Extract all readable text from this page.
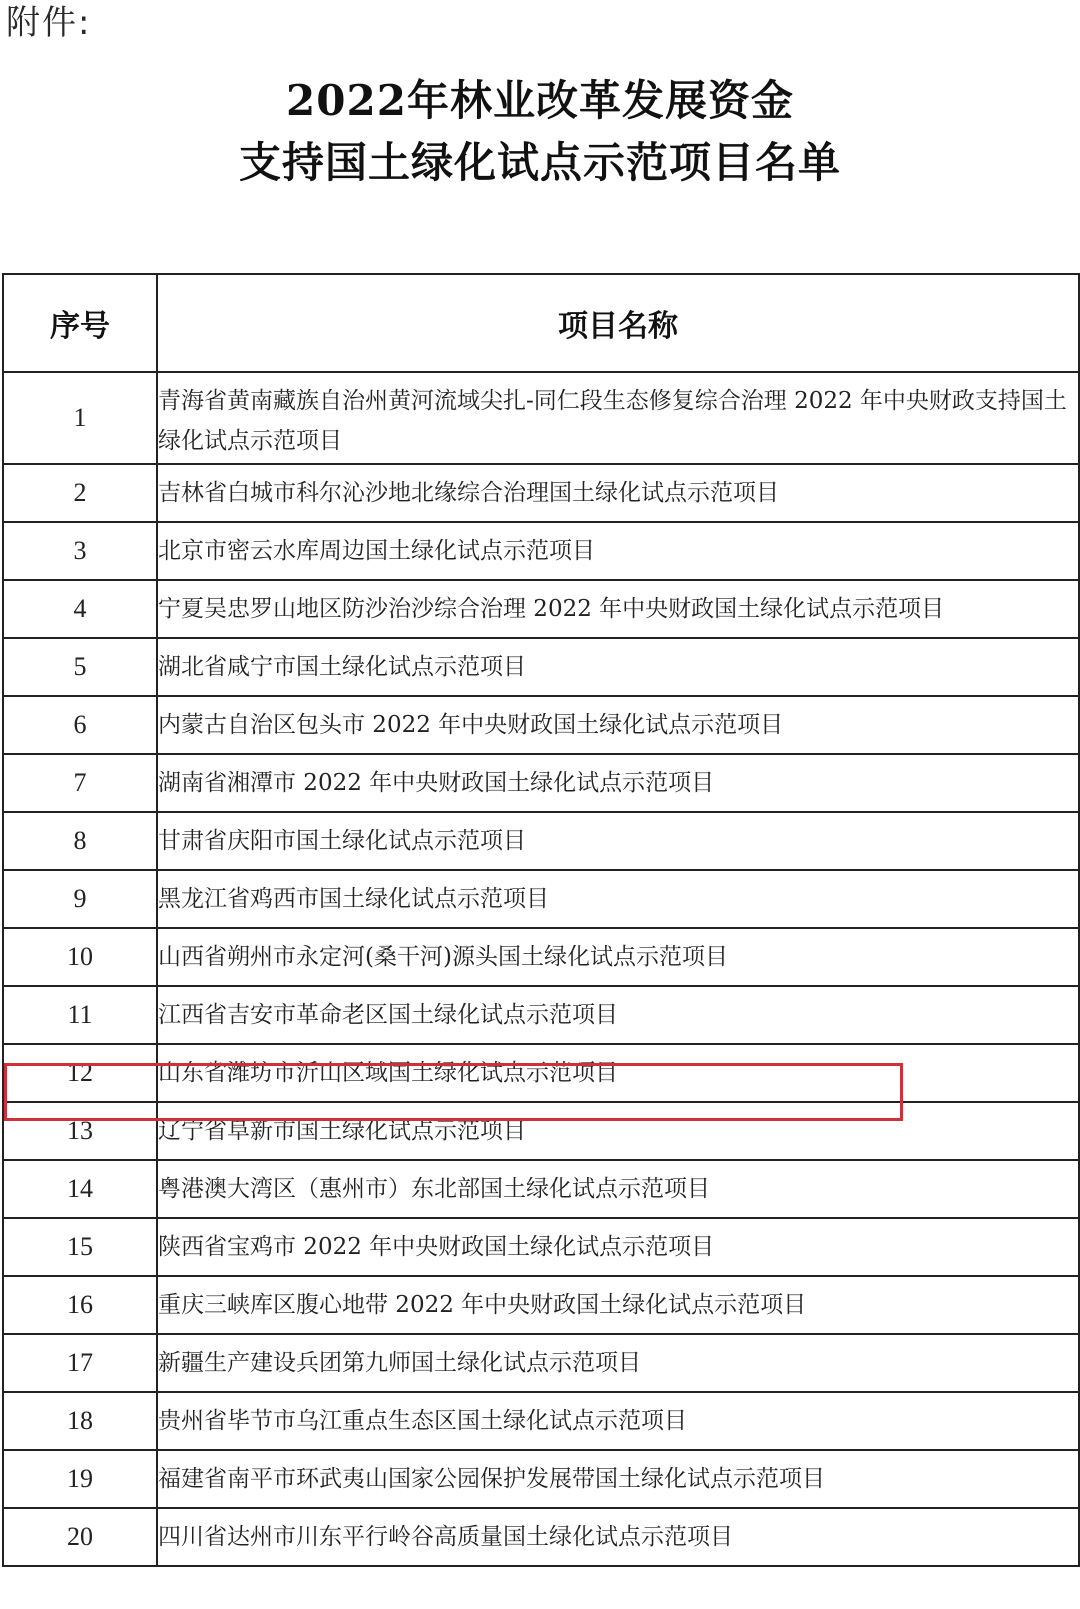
附件:
2022年林业改革发展资金
支持国土绿化试点示范项目名单
序号	项目名称
1	青海省黄南藏族自治州黄河流域尖扎-同仁段生态修复综合治理 2022 年中央财政支持国土绿化试点示范项目
2	吉林省白城市科尔沁沙地北缘综合治理国土绿化试点示范项目
3	北京市密云水库周边国土绿化试点示范项目
4	宁夏吴忠罗山地区防沙治沙综合治理 2022 年中央财政国土绿化试点示范项目
5	湖北省咸宁市国土绿化试点示范项目
6	内蒙古自治区包头市 2022 年中央财政国土绿化试点示范项目
7	湖南省湘潭市 2022 年中央财政国土绿化试点示范项目
8	甘肃省庆阳市国土绿化试点示范项目
9	黑龙江省鸡西市国土绿化试点示范项目
10	山西省朔州市永定河(桑干河)源头国土绿化试点示范项目
11	江西省吉安市革命老区国土绿化试点示范项目
12	山东省潍坊市沂山区域国土绿化试点示范项目
13	辽宁省阜新市国土绿化试点示范项目
14	粤港澳大湾区（惠州市）东北部国土绿化试点示范项目
15	陕西省宝鸡市 2022 年中央财政国土绿化试点示范项目
16	重庆三峡库区腹心地带 2022 年中央财政国土绿化试点示范项目
17	新疆生产建设兵团第九师国土绿化试点示范项目
18	贵州省毕节市乌江重点生态区国土绿化试点示范项目
19	福建省南平市环武夷山国家公园保护发展带国土绿化试点示范项目
20	四川省达州市川东平行岭谷高质量国土绿化试点示范项目
